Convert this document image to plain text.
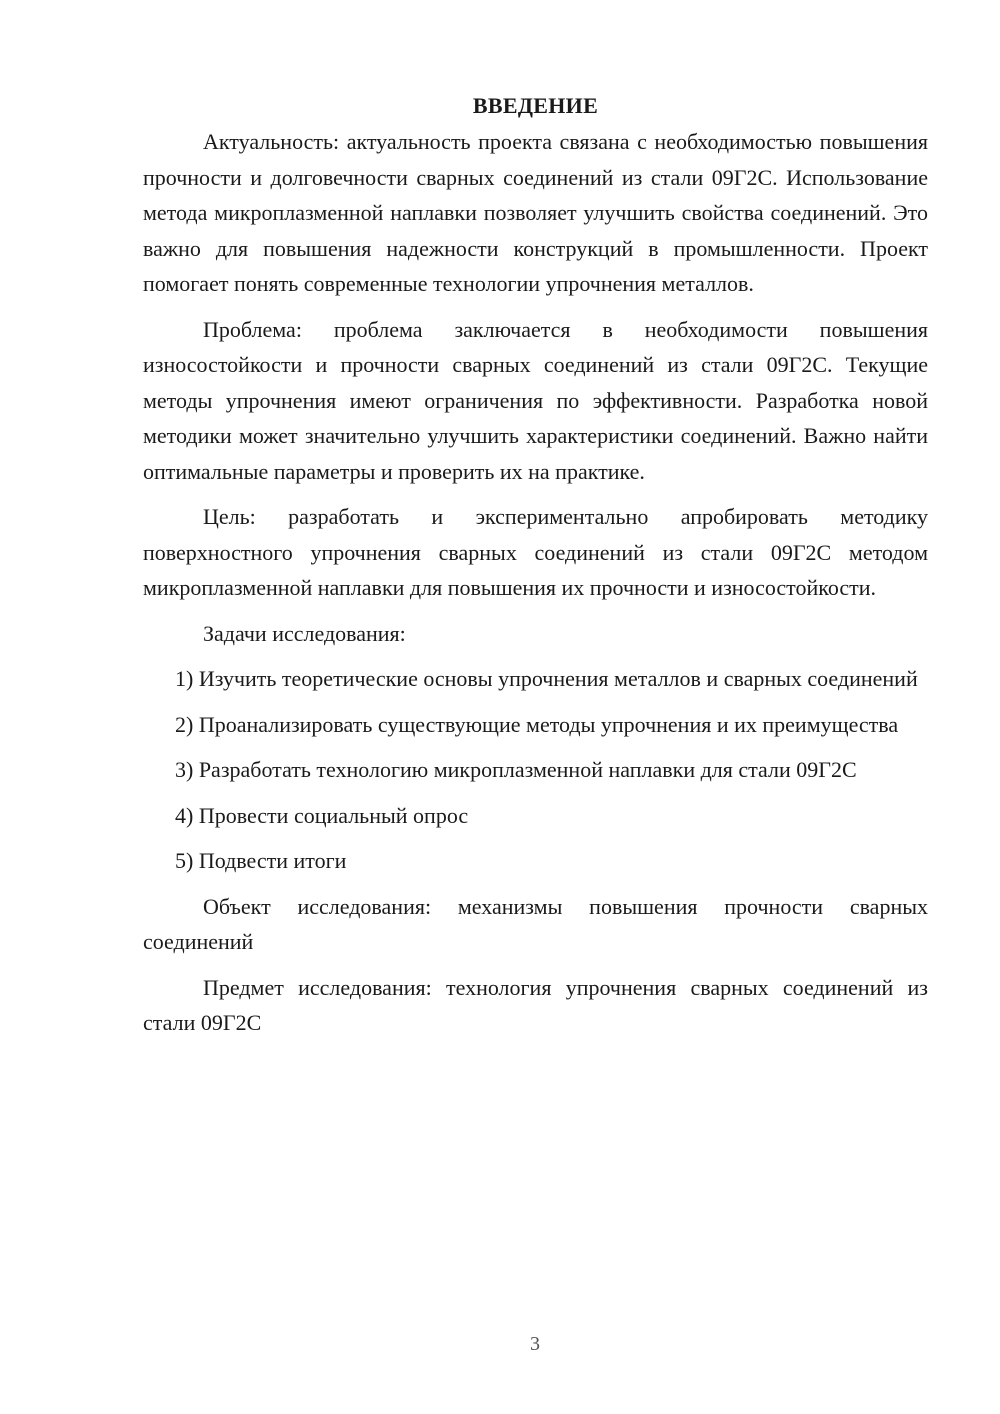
ВВЕДЕНИЕ

Актуальность: актуальность проекта связана с необходимостью повышения прочности и долговечности сварных соединений из стали 09Г2С. Использование метода микроплазменной наплавки позволяет улучшить свойства соединений. Это важно для повышения надежности конструкций в промышленности. Проект помогает понять современные технологии упрочнения металлов.

Проблема: проблема заключается в необходимости повышения износостойкости и прочности сварных соединений из стали 09Г2С. Текущие методы упрочнения имеют ограничения по эффективности. Разработка новой методики может значительно улучшить характеристики соединений. Важно найти оптимальные параметры и проверить их на практике.

Цель: разработать и экспериментально апробировать методику поверхностного упрочнения сварных соединений из стали 09Г2С методом микроплазменной наплавки для повышения их прочности и износостойкости.

Задачи исследования:

1) Изучить теоретические основы упрочнения металлов и сварных соединений

2) Проанализировать существующие методы упрочнения и их преимущества

3) Разработать технологию микроплазменной наплавки для стали 09Г2С

4) Провести социальный опрос

5) Подвести итоги

Объект исследования: механизмы повышения прочности сварных соединений

Предмет исследования: технология упрочнения сварных соединений из стали 09Г2С

3
